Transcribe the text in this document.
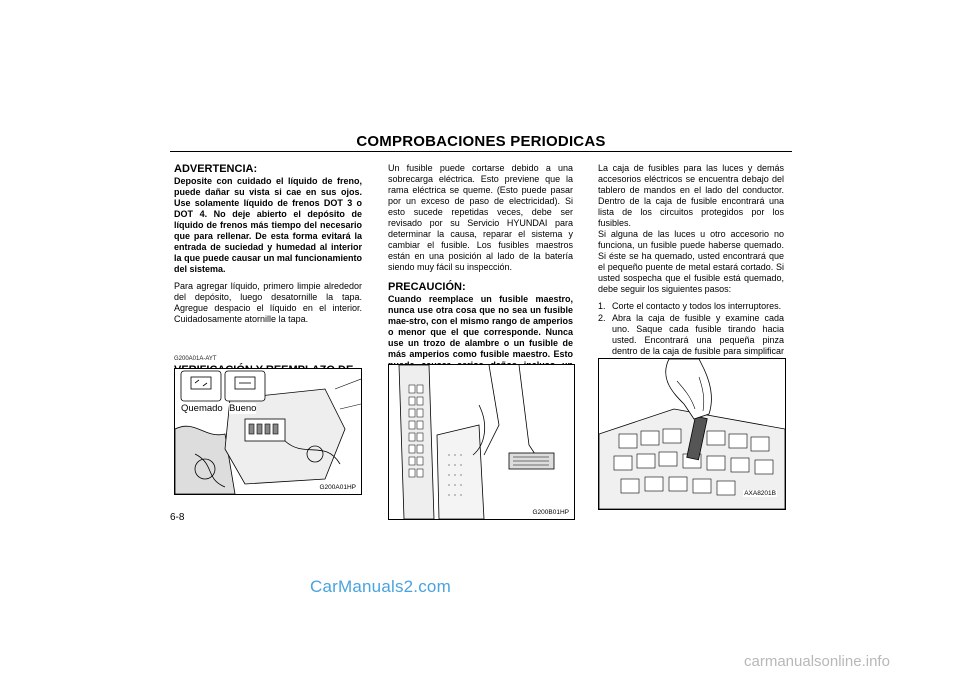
COMPROBACIONES PERIODICAS
ADVERTENCIA:

Deposite con cuidado el líquido de freno, puede dañar su vista si cae en sus ojos. Use solamente líquido de frenos DOT 3 o DOT 4. No deje abierto el depósito de líquido de frenos más tiempo del necesario que para rellenar. De esta forma evitará la entrada de suciedad y humedad al interior la que puede causar un mal funcionamiento del sistema.

Para agregar líquido, primero limpie alrededor del depósito, luego desatornille la tapa. Agregue despacio el líquido en el interior. Cuidadosamente atornille la tapa.

G200A01A-AYT
Quemado Bueno
G200A01HP

Un fusible puede cortarse debido a una sobrecarga eléctrica. Esto previene que la rama eléctrica se queme. (Esto puede pasar por un exceso de paso de electricidad). Si esto sucede repetidas veces, debe ser revisado por su Servicio HYUNDAI para determinar la causa, reparar el sistema y cambiar el fusible. Los fusibles maestros están en una posición al lado de la batería siendo muy fácil su inspección.

PRECAUCIÓN:

Cuando reemplace un fusible maestro, nunca use otra cosa que no sea un fusible mae-stro, con el mismo rango de amperios o menor que el que corresponde. Nunca use un trozo de alambre o un fusible de más amperios como fusible maestro. Esto

G200B01HP

La caja de fusibles para las luces y demás accesorios eléctricos se encuentra debajo del tablero de mandos en el lado del conductor. Dentro de la caja de fusible encontrará una lista de los circuitos protegidos por los fusibles.

Si alguna de las luces u otro accesorio no funciona, un fusible puede haberse quemado. Si éste se ha quemado, usted encontrará que el pequeño puente de metal estará cortado. Si usted sospecha que el fusible está quemado, debe seguir los siguientes pasos:

1. Corte el contacto y todos los interruptores.
2. Abra la caja de fusible y examine cada uno. Saque cada fusible tirando hacia usted. Encontrará una pequeña pinza dentro de la caja de fusible para simplificar
AXA8201B
6-8
CarManuals2.com
carmanualsonline.info
